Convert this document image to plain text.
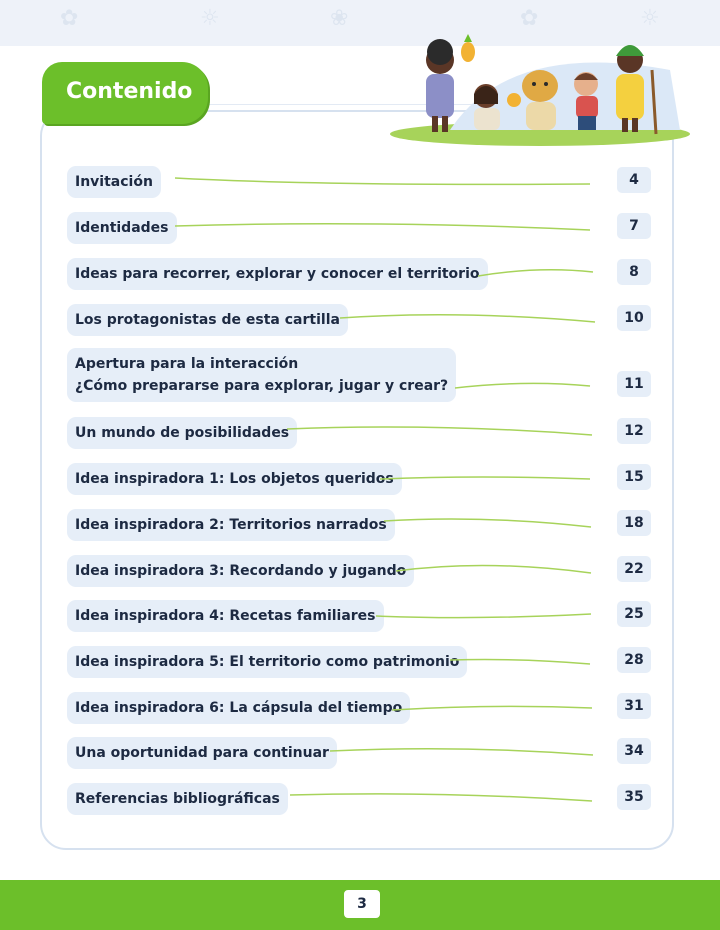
✿	☼	❀	✿	☼
Contenido
Invitación	4
Identidades	7
Ideas para recorrer, explorar y conocer el territorio	8
Los protagonistas de esta cartilla	10
Apertura para la interacción
¿Cómo prepararse para explorar, jugar y crear?	11
Un mundo de posibilidades	12
Idea inspiradora 1: Los objetos queridos	15
Idea inspiradora 2: Territorios narrados	18
Idea inspiradora 3: Recordando y jugando	22
Idea inspiradora 4: Recetas familiares	25
Idea inspiradora 5: El territorio como patrimonio	28
Idea inspiradora 6: La cápsula del tiempo	31
Una oportunidad para continuar	34
Referencias bibliográficas	35
3
